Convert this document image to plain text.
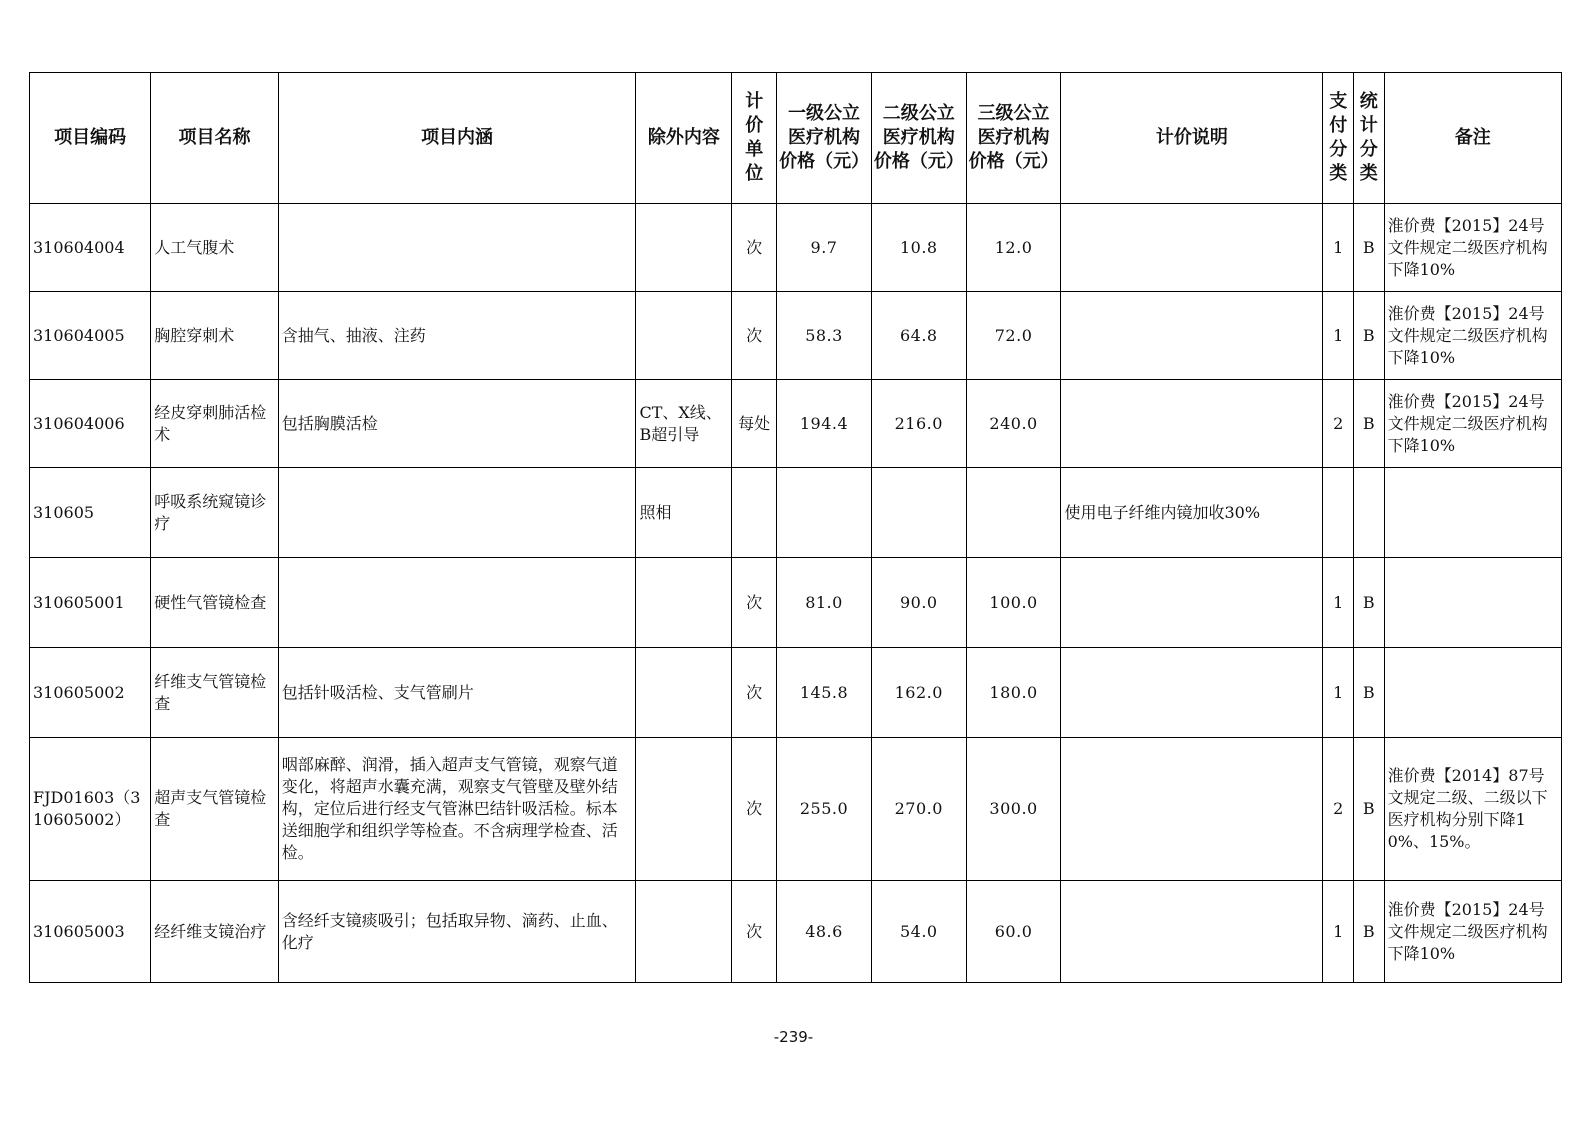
项目编码	项目名称	项目内涵	除外内容	计价单位	一级公立医疗机构价格（元）	二级公立医疗机构价格（元）	三级公立医疗机构价格（元）	计价说明	支付分类	统计分类	备注
310604004	人工气腹术			次	9.7	10.8	12.0		1	B	淮价费【2015】24号文件规定二级医疗机构下降10%
310604005	胸腔穿刺术	含抽气、抽液、注药		次	58.3	64.8	72.0		1	B	淮价费【2015】24号文件规定二级医疗机构下降10%
310604006	经皮穿刺肺活检术	包括胸膜活检	CT、X线、B超引导	每处	194.4	216.0	240.0		2	B	淮价费【2015】24号文件规定二级医疗机构下降10%
310605	呼吸系统窥镜诊疗		照相					使用电子纤维内镜加收30%			
310605001	硬性气管镜检查			次	81.0	90.0	100.0		1	B	
310605002	纤维支气管镜检查	包括针吸活检、支气管刷片		次	145.8	162.0	180.0		1	B	
FJD01603（310605002）	超声支气管镜检查	咽部麻醉、润滑，插入超声支气管镜，观察气道变化，将超声水囊充满，观察支气管壁及壁外结构，定位后进行经支气管淋巴结针吸活检。标本送细胞学和组织学等检查。不含病理学检查、活检。		次	255.0	270.0	300.0		2	B	淮价费【2014】87号文规定二级、二级以下医疗机构分别下降10%、15%。
310605003	经纤维支镜治疗	含经纤支镜痰吸引；包括取异物、滴药、止血、化疗		次	48.6	54.0	60.0		1	B	淮价费【2015】24号文件规定二级医疗机构下降10%
-239-
